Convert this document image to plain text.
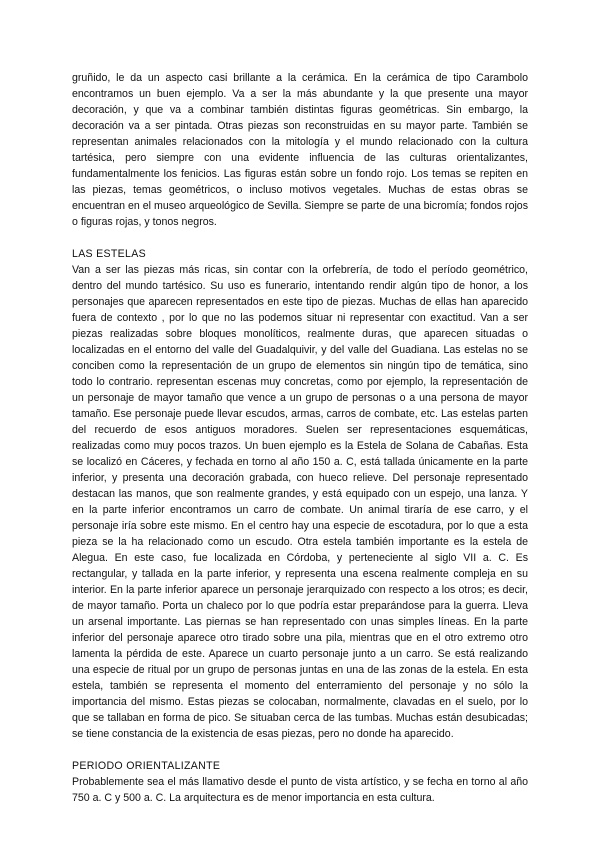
gruñido, le da un aspecto casi brillante a la cerámica. En la cerámica de tipo Carambolo encontramos un buen ejemplo. Va a ser la más abundante y la que presente una mayor decoración, y que va a combinar también distintas figuras geométricas. Sin embargo, la decoración va a ser pintada. Otras piezas son reconstruidas en su mayor parte. También se representan animales relacionados con la mitología y el mundo relacionado con la cultura tartésica, pero siempre con una evidente influencia de las culturas orientalizantes, fundamentalmente los fenicios. Las figuras están sobre un fondo rojo. Los temas se repiten en las piezas, temas geométricos, o incluso motivos vegetales. Muchas de estas obras se encuentran en el museo arqueológico de Sevilla. Siempre se parte de una bicromía; fondos rojos o figuras rojas, y tonos negros.

LAS ESTELAS

Van a ser las piezas más ricas, sin contar con la orfebrería, de todo el período geométrico, dentro del mundo tartésico. Su uso es funerario, intentando rendir algún tipo de honor, a los personajes que aparecen representados en este tipo de piezas. Muchas de ellas han aparecido fuera de contexto , por lo que no las podemos situar ni representar con exactitud. Van a ser piezas realizadas sobre bloques monolíticos, realmente duras, que aparecen situadas o localizadas en el entorno del valle del Guadalquivir, y del valle del Guadiana. Las estelas no se conciben como la representación de un grupo de elementos sin ningún tipo de temática, sino todo lo contrario. representan escenas muy concretas, como por ejemplo, la representación de un personaje de mayor tamaño que vence a un grupo de personas o a una persona de mayor tamaño. Ese personaje puede llevar escudos, armas, carros de combate, etc. Las estelas parten del recuerdo de esos antiguos moradores. Suelen ser representaciones esquemáticas, realizadas como muy pocos trazos. Un buen ejemplo es la Estela de Solana de Cabañas. Esta se localizó en Cáceres, y fechada en torno al año 150 a. C, está tallada únicamente en la parte inferior, y presenta una decoración grabada, con hueco relieve. Del personaje representado destacan las manos, que son realmente grandes, y está equipado con un espejo, una lanza. Y en la parte inferior encontramos un carro de combate. Un animal tiraría de ese carro, y el personaje iría sobre este mismo. En el centro hay una especie de escotadura, por lo que a esta pieza se la ha relacionado como un escudo. Otra estela también importante es la estela de Alegua. En este caso, fue localizada en Córdoba, y perteneciente al siglo VII a. C. Es rectangular, y tallada en la parte inferior, y representa una escena realmente compleja en su interior. En la parte inferior aparece un personaje jerarquizado con respecto a los otros; es decir, de mayor tamaño. Porta un chaleco por lo que podría estar preparándose para la guerra. Lleva un arsenal importante. Las piernas se han representado con unas simples líneas. En la parte inferior del personaje aparece otro tirado sobre una pila, mientras que en el otro extremo otro lamenta la pérdida de este. Aparece un cuarto personaje junto a un carro. Se está realizando una especie de ritual por un grupo de personas juntas en una de las zonas de la estela. En esta estela, también se representa el momento del enterramiento del personaje y no sólo la importancia del mismo. Estas piezas se colocaban, normalmente, clavadas en el suelo, por lo que se tallaban en forma de pico. Se situaban cerca de las tumbas. Muchas están desubicadas; se tiene constancia de la existencia de esas piezas, pero no donde ha aparecido.

PERIODO ORIENTALIZANTE

Probablemente sea el más llamativo desde el punto de vista artístico, y se fecha en torno al año 750 a. C y 500 a. C. La arquitectura es de menor importancia en esta cultura.
